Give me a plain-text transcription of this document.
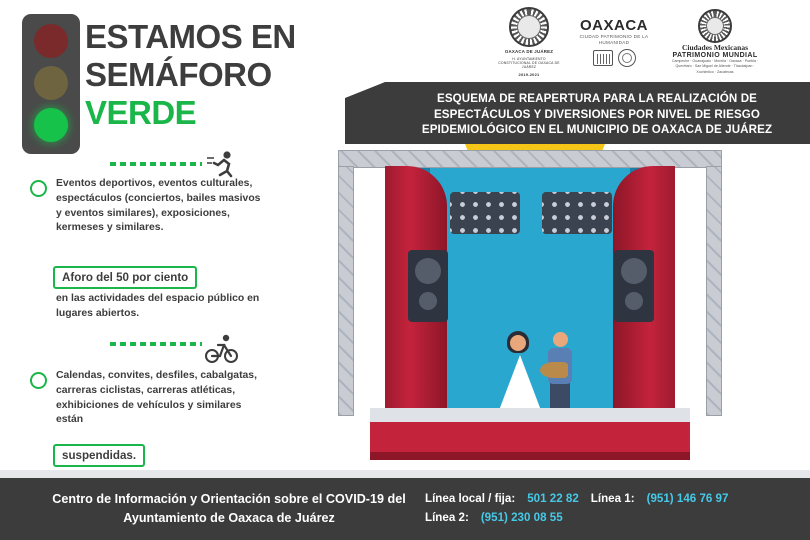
OAXACA DE JUÁREZ
H. AYUNTAMIENTO CONSTITUCIONAL DE OAXACA DE JUÁREZ
2019-2021
OAXACA
CIUDAD PATRIMONIO DE LA HUMANIDAD
Ciudades Mexicanas
PATRIMONIO MUNDIAL
Campeche · Guanajuato · Morelia · Oaxaca · Puebla · Querétaro · San Miguel de Allende · Tlacotalpan · Xochimilco · Zacatecas
ESQUEMA DE REAPERTURA PARA LA REALIZACIÓN DE ESPECTÁCULOS Y DIVERSIONES POR NIVEL DE RIESGO EPIDEMIOLÓGICO EN EL MUNICIPIO DE OAXACA DE JUÁREZ
ESTAMOS EN
SEMÁFORO
VERDE
Eventos deportivos, eventos culturales, espectáculos (conciertos, bailes masivos y eventos similares), exposiciones, kermeses y similares.
Aforo del 50 por ciento
en las actividades del espacio público en lugares abiertos.
Calendas, convites, desfiles, cabalgatas, carreras ciclistas, carreras atléticas, exhibiciones de vehículos y similares están
suspendidas.
Centro de Información y Orientación sobre el COVID-19 del Ayuntamiento de Oaxaca de Juárez
Línea local / fija: 501 22 82 Línea 1: (951) 146 76 97
Línea 2: (951) 230 08 55
